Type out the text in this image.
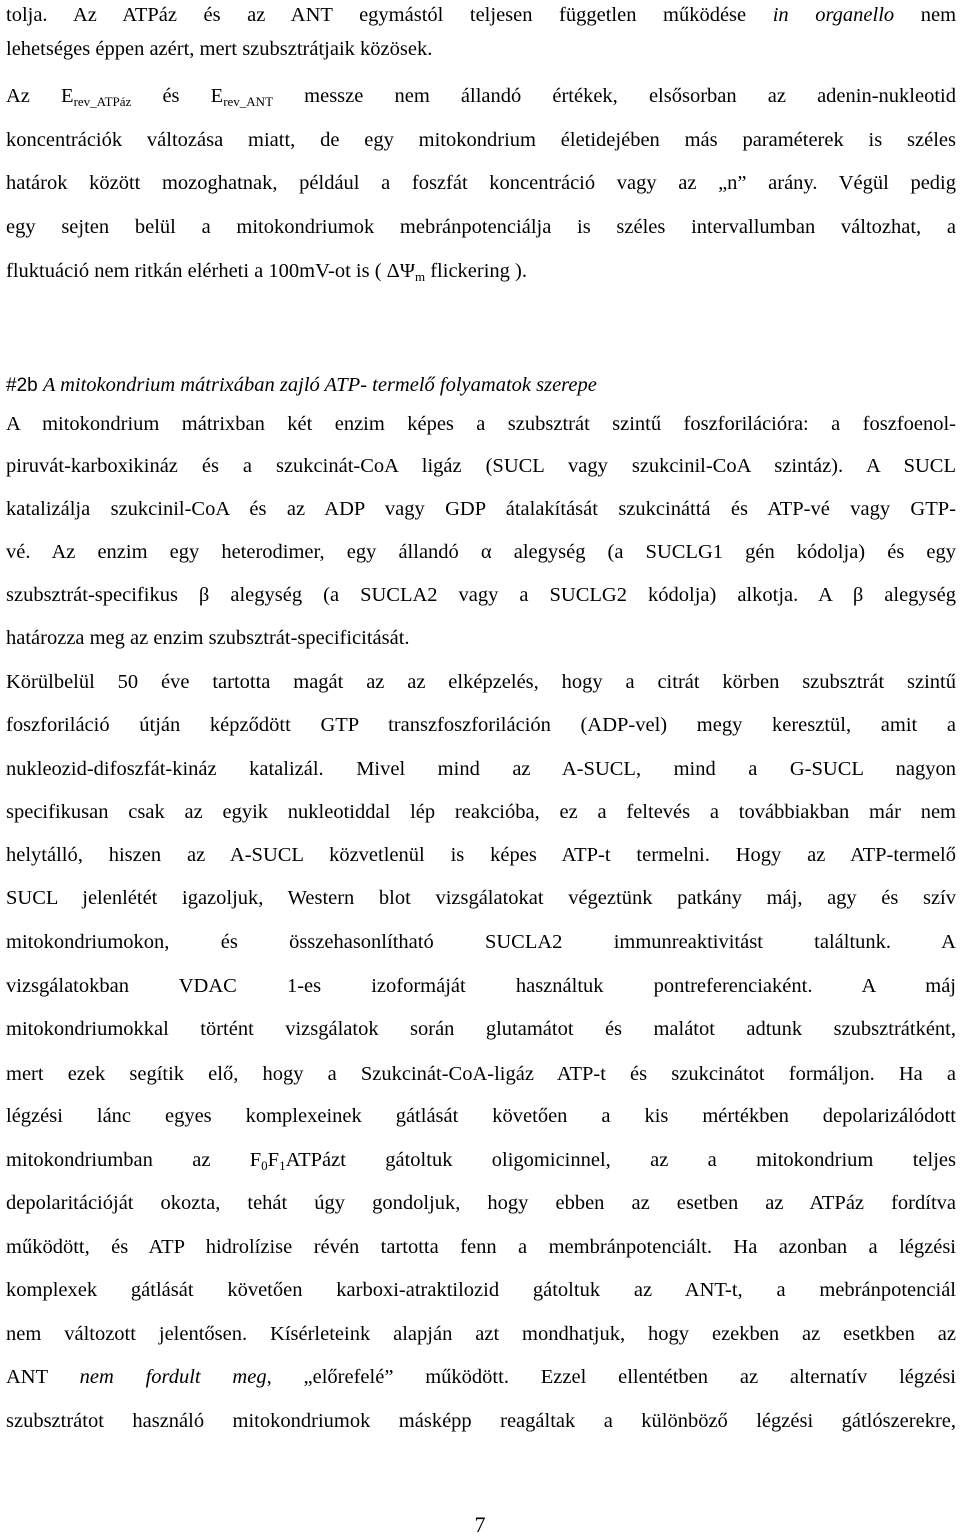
tolja. Az ATPáz és az ANT egymástól teljesen független működése in organello nem
lehetséges éppen azért, mert szubsztrátjaik közösek.
Az $E_{rev\_ATPáz}$ és $E_{rev\_ANT}$ messze nem állandó értékek, elsősorban az adenin-nukleotid
koncentrációk változása miatt, de egy mitokondrium életidejében más paraméterek is széles
határok között mozoghatnak, például a foszfát koncentráció vagy az „n” arány. Végül pedig
egy sejten belül a mitokondriumok mebránpotenciálja is széles intervallumban változhat, a
fluktuáció nem ritkán elérheti a 100mV-ot is ( $\Delta\Psi_m$ flickering ).
#2b A mitokondrium mátrixában zajló ATP- termelő folyamatok szerepe
A mitokondrium mátrixban két enzim képes a szubsztrát szintű foszforilációra: a foszfoenol-
piruvát-karboxikináz és a szukcinát-CoA ligáz (SUCL vagy szukcinil-CoA szintáz). A SUCL
katalizálja szukcinil-CoA és az ADP vagy GDP átalakítását szukcináttá és ATP-vé vagy GTP-
vé. Az enzim egy heterodimer, egy állandó α alegység (a SUCLG1 gén kódolja) és egy
szubsztrát-specifikus β alegység (a SUCLA2 vagy a SUCLG2 kódolja) alkotja. A β alegység
határozza meg az enzim szubsztrát-specificitását.
Körülbelül 50 éve tartotta magát az az elképzelés, hogy a citrát körben szubsztrát szintű
foszforiláció útján képződött GTP transzfoszforiláción (ADP-vel) megy keresztül, amit a
nukleozid-difoszfát-kináz katalizál. Mivel mind az A-SUCL, mind a G-SUCL nagyon
specifikusan csak az egyik nukleotiddal lép reakcióba, ez a feltevés a továbbiakban már nem
helytálló, hiszen az A-SUCL közvetlenül is képes ATP-t termelni. Hogy az ATP-termelő
SUCL jelenlétét igazoljuk, Western blot vizsgálatokat végeztünk patkány máj, agy és szív
mitokondriumokon, és összehasonlítható SUCLA2 immunreaktivitást találtunk. A
vizsgálatokban VDAC 1-es izoformáját használtuk pontreferenciaként. A máj
mitokondriumokkal történt vizsgálatok során glutamátot és malátot adtunk szubsztrátként,
mert ezek segítik elő, hogy a Szukcinát-CoA-ligáz ATP-t és szukcinátot formáljon. Ha a
légzési lánc egyes komplexeinek gátlását követően a kis mértékben depolarizálódott
mitokondriumban az $F_0F_1ATPázt$ gátoltuk oligomicinnel, az a mitokondrium teljes
depolaritációját okozta, tehát úgy gondoljuk, hogy ebben az esetben az ATPáz fordítva
működött, és ATP hidrolízise révén tartotta fenn a membránpotenciált. Ha azonban a légzési
komplexek gátlását követően karboxi-atraktilozid gátoltuk az ANT-t, a mebránpotenciál
nem változott jelentősen. Kísérleteink alapján azt mondhatjuk, hogy ezekben az esetkben az
ANT nem fordult meg, „előrefelé” működött. Ezzel ellentétben az alternatív légzési
szubsztrátot használó mitokondriumok másképp reagáltak a különböző légzési gátlószerekre,
7
